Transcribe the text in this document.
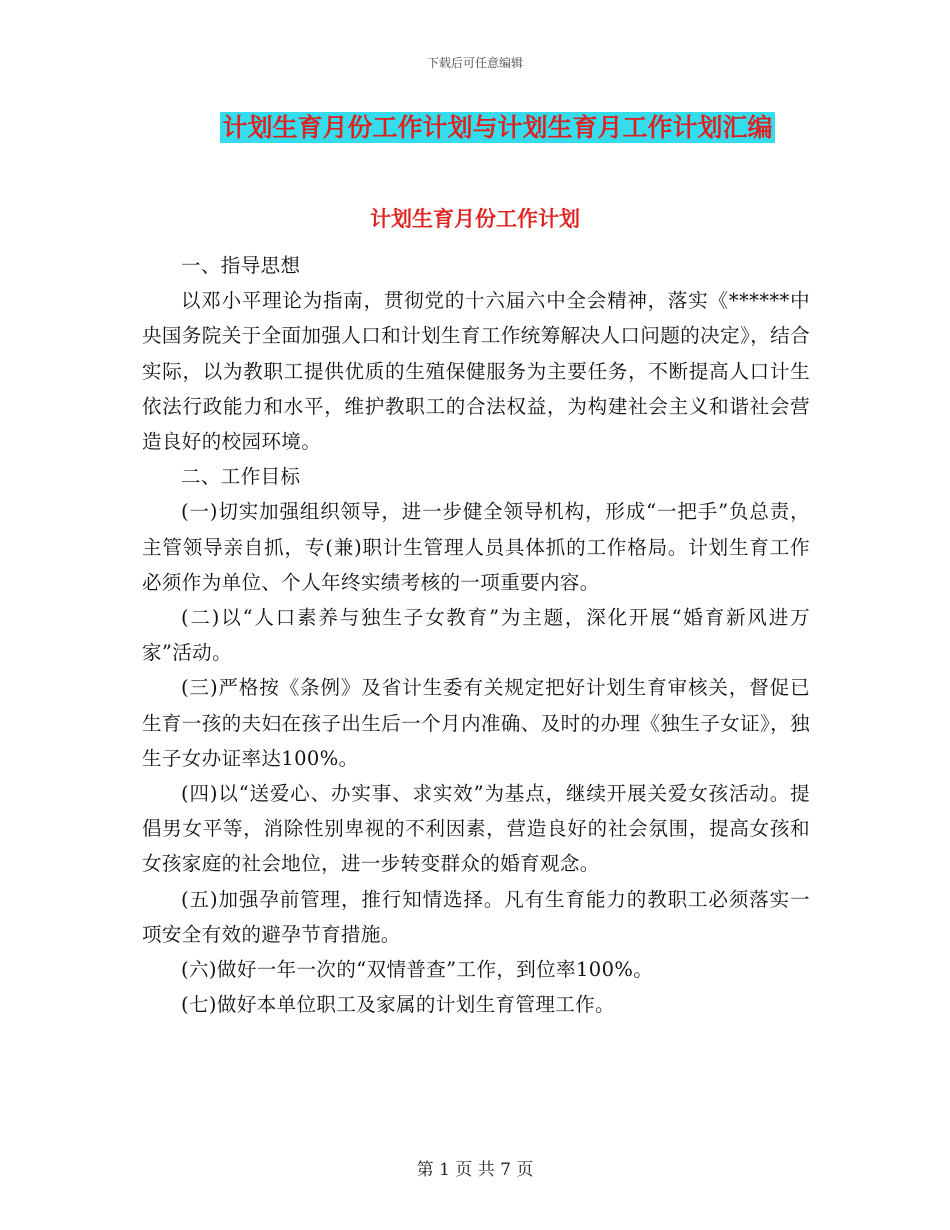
下载后可任意编辑
计划生育月份工作计划与计划生育月工作计划汇编
计划生育月份工作计划

一、指导思想

以邓小平理论为指南，贯彻党的十六届六中全会精神，落实《******中央国务院关于全面加强人口和计划生育工作统筹解决人口问题的决定》，结合实际，以为教职工提供优质的生殖保健服务为主要任务，不断提高人口计生依法行政能力和水平，维护教职工的合法权益，为构建社会主义和谐社会营造良好的校园环境。

二、工作目标

(一)切实加强组织领导，进一步健全领导机构，形成“一把手”负总责，主管领导亲自抓，专(兼)职计生管理人员具体抓的工作格局。计划生育工作必须作为单位、个人年终实绩考核的一项重要内容。

(二)以“人口素养与独生子女教育”为主题，深化开展“婚育新风进万家”活动。

(三)严格按《条例》及省计生委有关规定把好计划生育审核关，督促已生育一孩的夫妇在孩子出生后一个月内准确、及时的办理《独生子女证》，独生子女办证率达100%。

(四)以“送爱心、办实事、求实效”为基点，继续开展关爱女孩活动。提倡男女平等，消除性别卑视的不利因素，营造良好的社会氛围，提高女孩和女孩家庭的社会地位，进一步转变群众的婚育观念。

(五)加强孕前管理，推行知情选择。凡有生育能力的教职工必须落实一项安全有效的避孕节育措施。

(六)做好一年一次的“双情普查”工作，到位率100%。

(七)做好本单位职工及家属的计划生育管理工作。

第 1 页 共 7 页
